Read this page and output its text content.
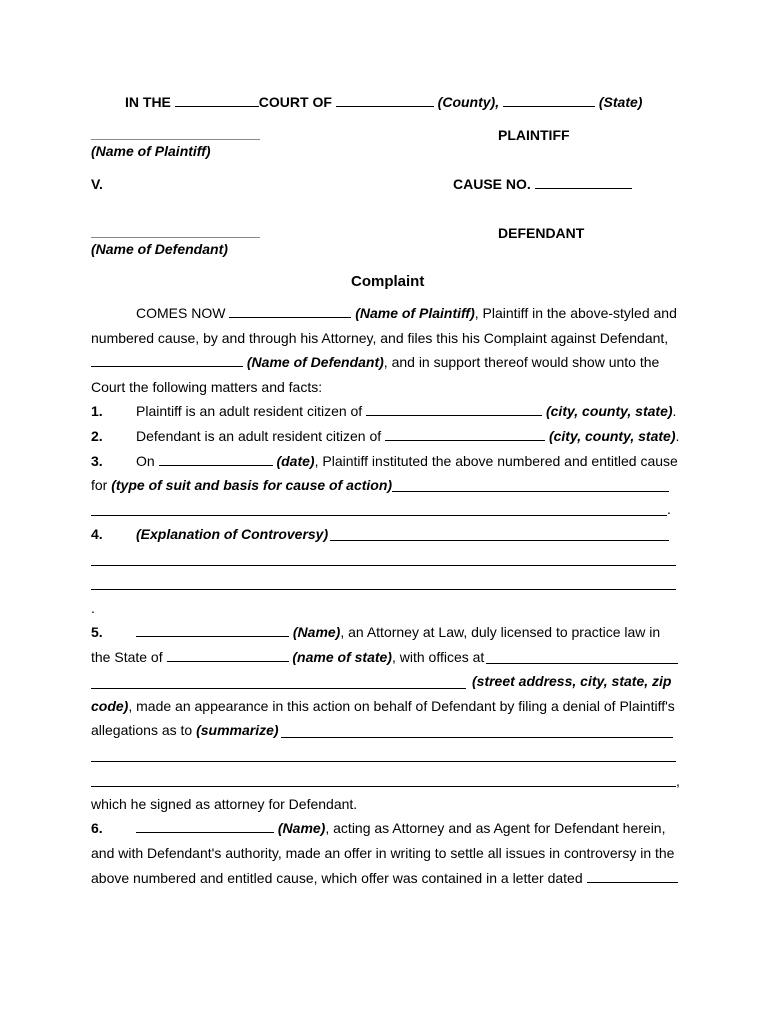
IN THE	COURT OF	(County),	(State)
PLAINTIFF
(Name of Plaintiff)
V.	CAUSE NO.
DEFENDANT
(Name of Defendant)
Complaint
COMES NOW	(Name of Plaintiff), Plaintiff in the above-styled and
numbered cause, by and through his Attorney, and files this his Complaint against Defendant,
(Name of Defendant), and in support thereof would show unto the
Court the following matters and facts:
1. Plaintiff is an adult resident citizen of	(city, county, state).
2. Defendant is an adult resident citizen of	(city, county, state).
3. On	(date), Plaintiff instituted the above numbered and entitled cause
for (type of suit and basis for cause of action)
.
4. (Explanation of Controversy)
.
5.	(Name), an Attorney at Law, duly licensed to practice law in
the State of	(name of state), with offices at
(street address, city, state, zip
code), made an appearance in this action on behalf of Defendant by filing a denial of Plaintiff's
allegations as to (summarize)
,
which he signed as attorney for Defendant.
6.	(Name), acting as Attorney and as Agent for Defendant herein,
and with Defendant's authority, made an offer in writing to settle all issues in controversy in the
above numbered and entitled cause, which offer was contained in a letter dated
